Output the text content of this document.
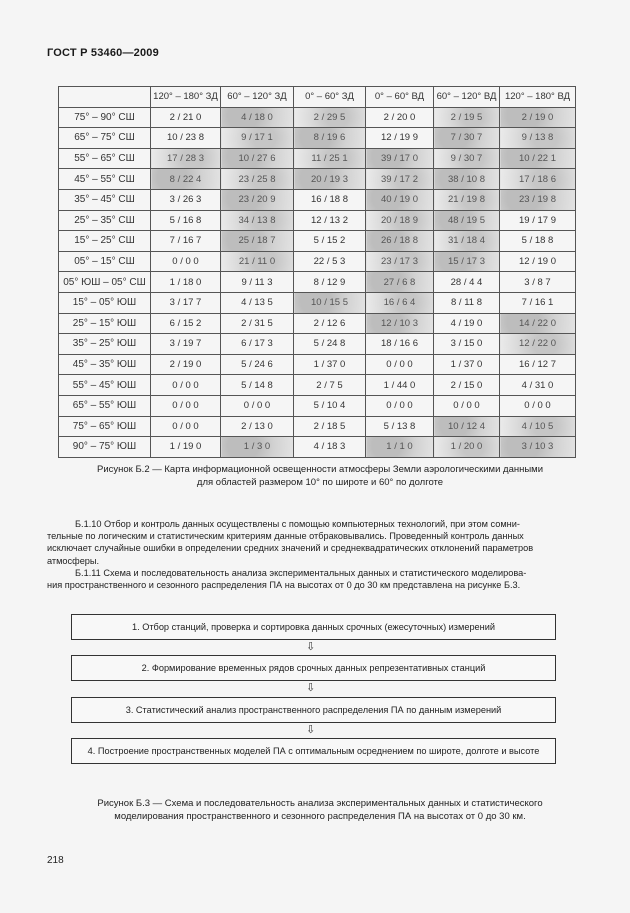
ГОСТ Р 53460—2009
	120° – 180° ЗД	60° – 120° ЗД	0° – 60° ЗД	0° – 60° ВД	60° – 120° ВД	120° – 180° ВД
75° – 90° СШ	2 / 21 0	4 / 18 0	2 / 29 5	2 / 20 0	2 / 19 5	2 / 19 0
65° – 75° СШ	10 / 23 8	9 / 17 1	8 / 19 6	12 / 19 9	7 / 30 7	9 / 13 8
55° – 65° СШ	17 / 28 3	10 / 27 6	11 / 25 1	39 / 17 0	9 / 30 7	10 / 22 1
45° – 55° СШ	8 / 22 4	23 / 25 8	20 / 19 3	39 / 17 2	38 / 10 8	17 / 18 6
35° – 45° СШ	3 / 26 3	23 / 20 9	16 / 18 8	40 / 19 0	21 / 19 8	23 / 19 8
25° – 35° СШ	5 / 16 8	34 / 13 8	12 / 13 2	20 / 18 9	48 / 19 5	19 / 17 9
15° – 25° СШ	7 / 16 7	25 / 18 7	5 / 15 2	26 / 18 8	31 / 18 4	5 / 18 8
05° – 15° СШ	0 / 0 0	21 / 11 0	22 / 5 3	23 / 17 3	15 / 17 3	12 / 19 0
05° ЮШ – 05° СШ	1 / 18 0	9 / 11 3	8 / 12 9	27 / 6 8	28 / 4 4	3 / 8 7
15° – 05° ЮШ	3 / 17 7	4 / 13 5	10 / 15 5	16 / 6 4	8 / 11 8	7 / 16 1
25° – 15° ЮШ	6 / 15 2	2 / 31 5	2 / 12 6	12 / 10 3	4 / 19 0	14 / 22 0
35° – 25° ЮШ	3 / 19 7	6 / 17 3	5 / 24 8	18 / 16 6	3 / 15 0	12 / 22 0
45° – 35° ЮШ	2 / 19 0	5 / 24 6	1 / 37 0	0 / 0 0	1 / 37 0	16 / 12 7
55° – 45° ЮШ	0 / 0 0	5 / 14 8	2 / 7 5	1 / 44 0	2 / 15 0	4 / 31 0
65° – 55° ЮШ	0 / 0 0	0 / 0 0	5 / 10 4	0 / 0 0	0 / 0 0	0 / 0 0
75° – 65° ЮШ	0 / 0 0	2 / 13 0	2 / 18 5	5 / 13 8	10 / 12 4	4 / 10 5
90° – 75° ЮШ	1 / 19 0	1 / 3 0	4 / 18 3	1 / 1 0	1 / 20 0	3 / 10 3
Рисунок Б.2 — Карта информационной освещенности атмосферы Земли аэрологическими данными
для областей размером 10° по широте и 60° по долготе
Б.1.10 Отбор и контроль данных осуществлены с помощью компьютерных технологий, при этом сомни-
тельные по логическим и статистическим критериям данные отбраковывались. Проведенный контроль данных
исключает случайные ошибки в определении средних значений и среднеквадратических отклонений параметров
атмосферы.
Б.1.11 Схема и последовательность анализа экспериментальных данных и статистического моделирова-
ния пространственного и сезонного распределения ПА на высотах от 0 до 30 км представлена на рисунке Б.3.
1. Отбор станций, проверка и сортировка данных срочных (ежесуточных) измерений
⇩
2. Формирование временных рядов срочных данных репрезентативных станций
⇩
3. Статистический анализ пространственного распределения ПА по данным измерений
⇩
4. Построение пространственных моделей ПА с оптимальным осреднением по широте, долготе и высоте
Рисунок Б.3 — Схема и последовательность анализа экспериментальных данных и статистического
моделирования пространственного и сезонного распределения ПА на высотах от 0 до 30 км.
218
